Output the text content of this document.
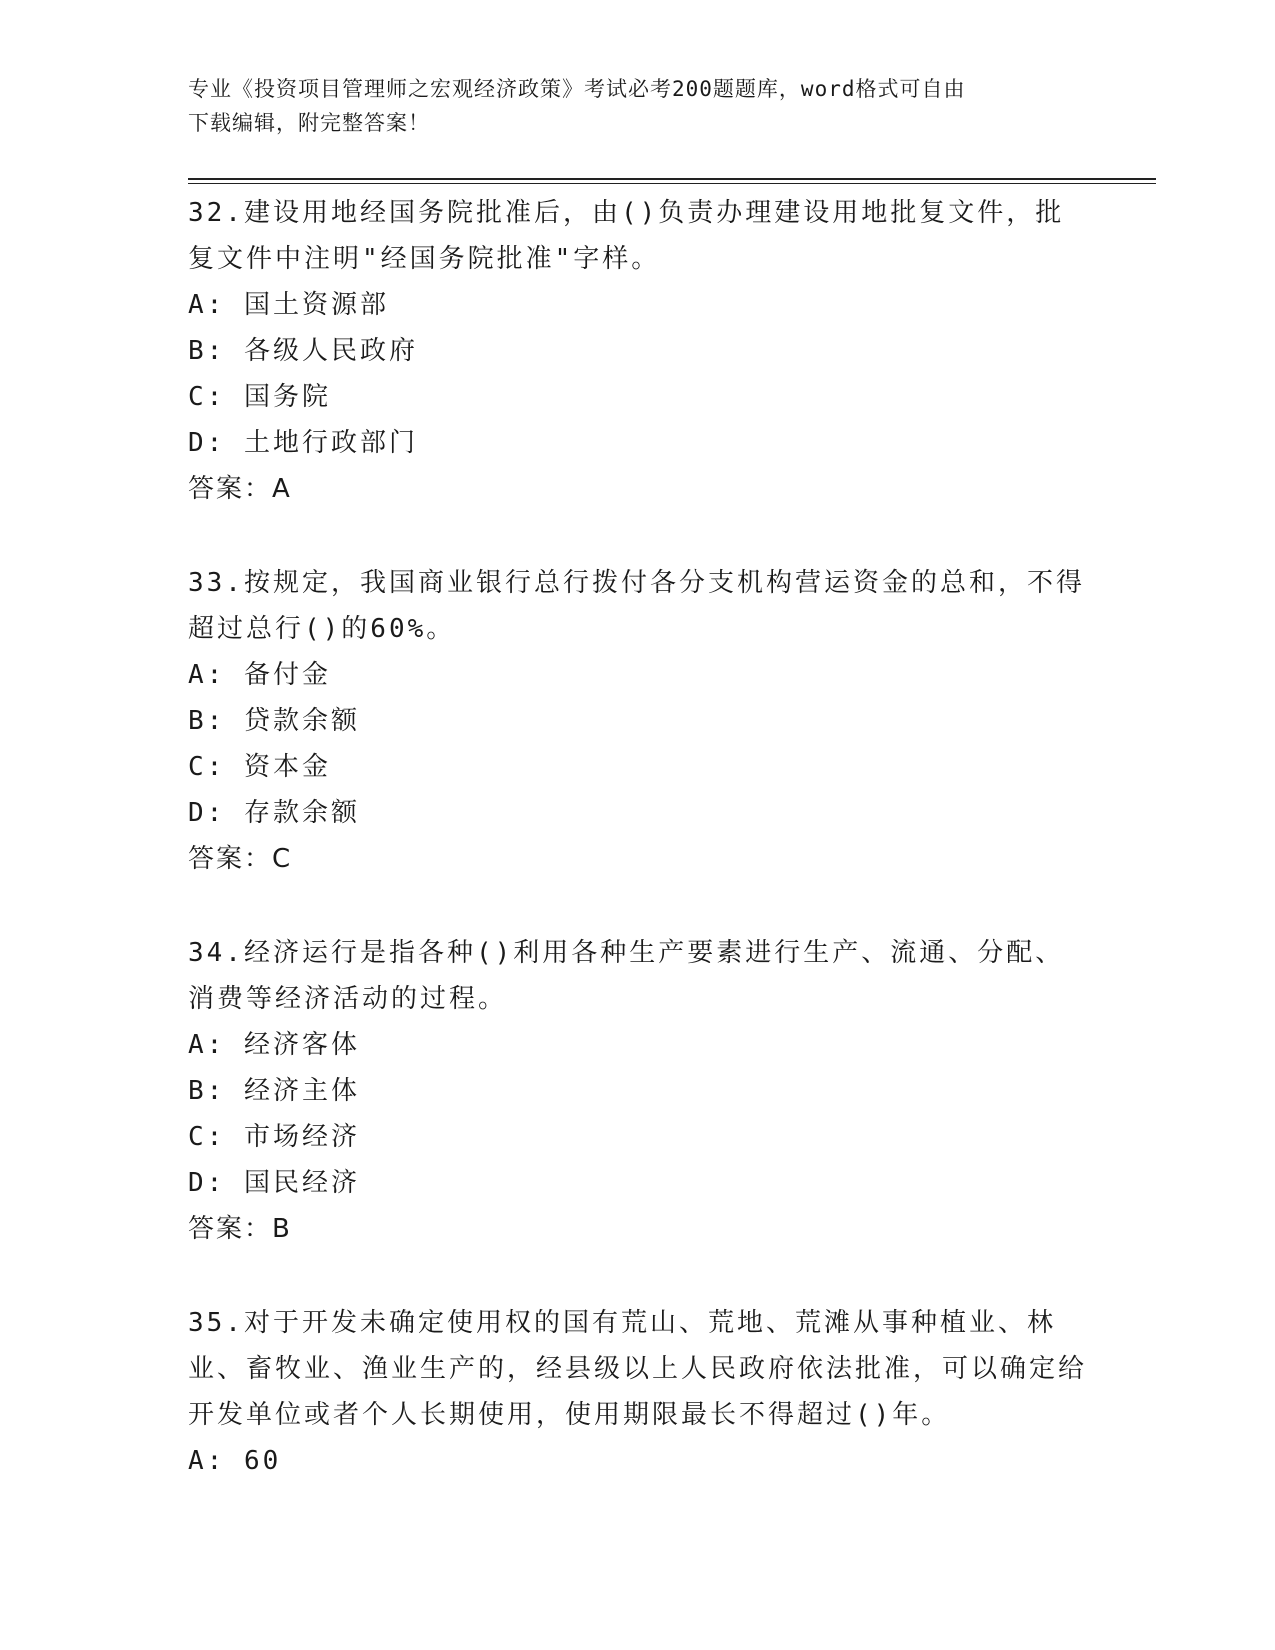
专业《投资项目管理师之宏观经济政策》考试必考200题题库，word格式可自由
下载编辑，附完整答案！

32.建设用地经国务院批准后，由()负责办理建设用地批复文件，批复文件中注明"经国务院批准"字样。

A: 国土资源部

B: 各级人民政府

C: 国务院

D: 土地行政部门

答案：A

33.按规定，我国商业银行总行拨付各分支机构营运资金的总和，不得超过总行()的60%。

A: 备付金

B: 贷款余额

C: 资本金

D: 存款余额

答案：C

34.经济运行是指各种()利用各种生产要素进行生产、流通、分配、消费等经济活动的过程。

A: 经济客体

B: 经济主体

C: 市场经济

D: 国民经济

答案：B

35.对于开发未确定使用权的国有荒山、荒地、荒滩从事种植业、林业、畜牧业、渔业生产的，经县级以上人民政府依法批准，可以确定给开发单位或者个人长期使用，使用期限最长不得超过()年。

A: 60
